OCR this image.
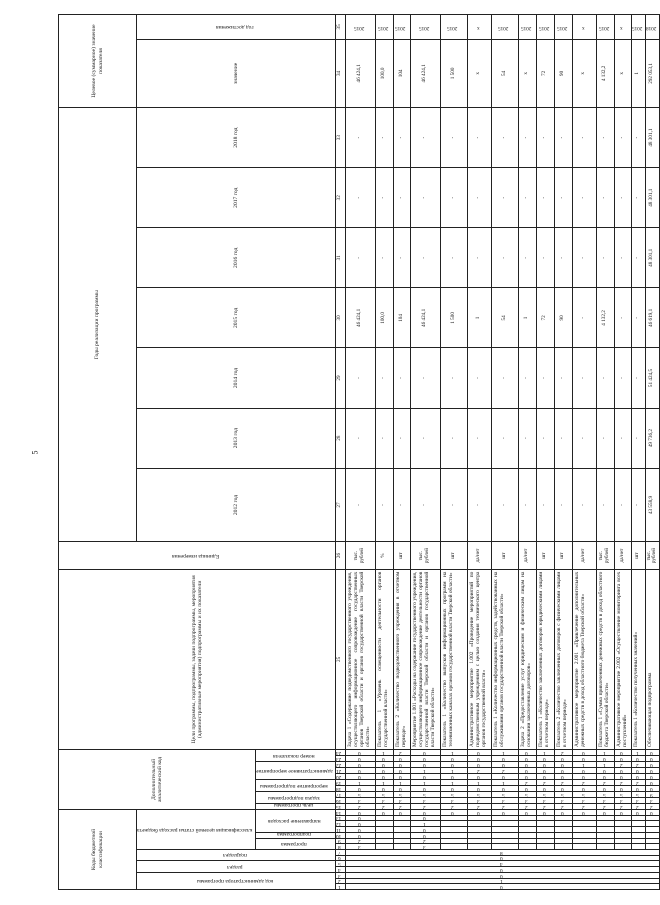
5
Коды бюджетной классификации														Дополнительный аналитический код										Цели программы, подпрограммы, задачи подпрограммы, мероприятия (административные мероприятия) подпрограммы и их показатели	Единица измерения	Годы реализации программы							Целевое (суммарное) значение показателя	
код администратора программы			раздел		подраздел		классификация целевой статьи расхода бюджета																			2012 год	2013 год	2014 год	2015 год	2016 год	2017 год	2018 год	значение	год достижения
							программа		подпрограмма	направление расходов				цель программы	задача подпрограммы		мероприятие подпрограммы		административное мероприятие			номер показателя												
1	2	3	4	5	6	7	8	9	10	11	12	13	14	15	16	17	18	19	20	21	22	23	24	25	26	27	28	29	30	31	32	33	34	35
0	1	0	0	4	0	8	3	2	0	0	0	0	0	2	3	5	0	1	0	0	0	0	0	Задача 1 «Содержание подведомственного государственного учреждения, осуществляющего информационное сопровождение государственных органов Тверской области и органов государственной власти Тверской области»	тыс. рублей	-	-	-	46 424,1	-	-	-	46 424,1	2015
													0	2	3	5	0	1	0	0	0	0	1	Показатель 1 «Уровень освещенности деятельности органов государственной власти»	%	-	-	-	100,0	-	-	-	100,0	2015
													0	2	3	5	0	1	0	0	0	0	2	Показатель 2 «Количество подведомственного учреждения в отчетном периоде»	шт	-	-	-	104	-	-	-	104	2015
							3	2	0	0	1	0	0	2	3	5	0	1	0	1	0	0	0	Мероприятие 1.001 «Расходы на содержание государственного учреждения, осуществляющего информационное сопровождение деятельности органов государственной власти Тверской области и органов государственной власти Тверской области»	тыс. рублей	-	-	-	46 424,1	-	-	-	46 424,1	2015
													0	2	3	5	0	1	0	1	0	0	1	Показатель 1 «Количество выпусков информационных программ на телевизионных каналах органов государственной власти Тверской области»	шт	-	-	-	1 500	-	-	-	1 500	2015
													0	2	3	5	0	1	0	2	0	0	0	Административное мероприятие 1.002 «Проведение мероприятий по подведомственным учреждениям с целью создания технического центра органов государственной власти»	да/нет	-	-	-	1	-	-	-	x	x
													0	2	3	5	0	1	0	2	0	0	1	Показатель 1 «Количество информационных средств, задействованных на обслуживании органов государственной власти Тверской области»	шт	-	-	-	54	-	-	-	54	2015
													0	2	3	5	0	2	0	0	0	0	0	Задача 2 «Предоставление услуг юридическим и физическим лицам на основании заключенных договоров»	да/нет	-	-	-	1	-	-	-	x	2015
													0	2	3	5	0	2	0	0	0	0	1	Показатель 1 «Количество заключенных договоров юридическими лицами в отчетном периоде»	шт	-	-	-	72	-	-	-	72	2015
													0	2	3	5	0	2	0	0	0	0	2	Показатель 2 «Количество заключенных договоров с физическими лицами в отчетном периоде»	шт	-	-	-	90	-	-	-	90	2015
													0	2	3	5	0	2	0	0	1	0	0	Административное мероприятие 2.001 «Привлечение дополнительных денежных средств в доход областного бюджета Тверской области»	да/нет	-	-	-	-	-	-	-	x	x
													0	2	3	5	0	2	0	0	1	0	1	Показатель 1 «Сумма привлеченных денежных средств в доход областного бюджета Тверской области»	тыс. рублей	-	-	-	4 132,2	-	-	-	4 132,2	2015
													0	2	3	5	0	2	0	0	2	0	0	Административное мероприятие 2.002 «Осуществление мониторинга всех поступлений»	да/нет	-	-	-	-	-	-	-	x	x
													0	2	3	5	0	2	0	0	2	0	1	Показатель 1 «Количество полученных значений»	шт	-	-	-	-	-	-	-	1	2015
													0	2	3	9	0	0	0	0	0	0	0	Обеспечивающая подпрограмма	тыс. рублей	43 558,9	49 736,2	51 424,5	46 619,1	48 301,1	48 301,1	48 301,1	292 053,1	2018
